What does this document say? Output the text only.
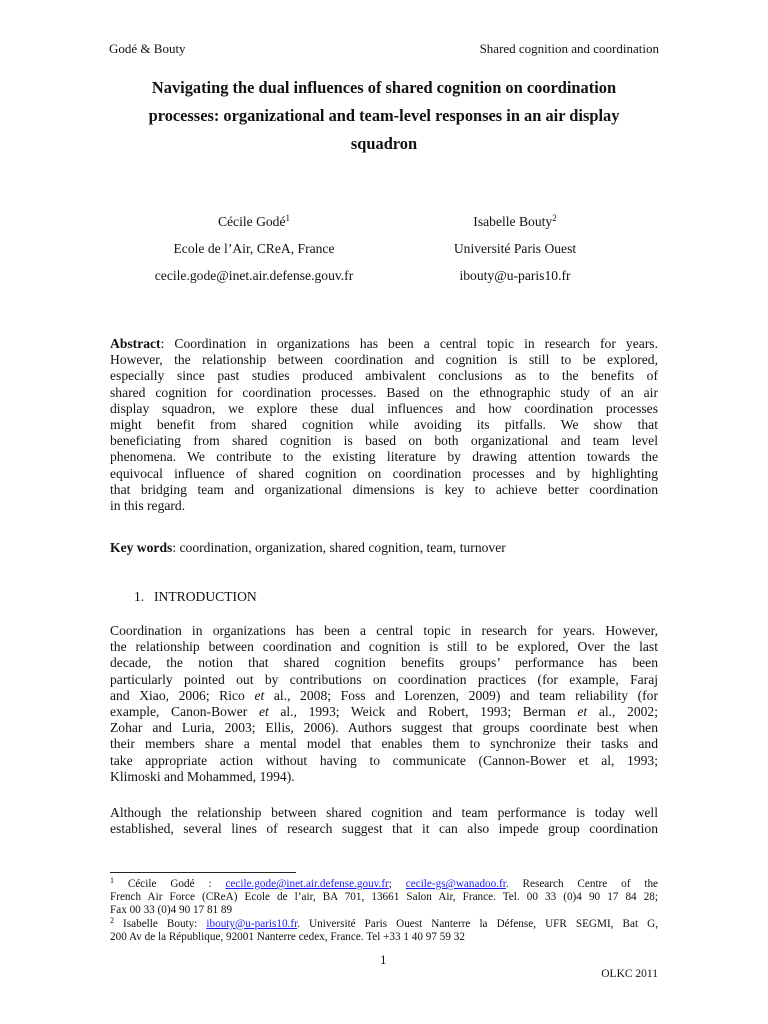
Godé & Bouty	Shared cognition and coordination
Navigating the dual influences of shared cognition on coordination
processes: organizational and team-level responses in an air display
squadron
Cécile Godé$^1$
Ecole de l’Air, CReA, France
cecile.gode@inet.air.defense.gouv.fr
Isabelle Bouty$^2$
Université Paris Ouest
ibouty@u-paris10.fr
Abstract: Coordination in organizations has been a central topic in research for years.
However, the relationship between coordination and cognition is still to be explored,
especially since past studies produced ambivalent conclusions as to the benefits of
shared cognition for coordination processes. Based on the ethnographic study of an air
display squadron, we explore these dual influences and how coordination processes
might benefit from shared cognition while avoiding its pitfalls. We show that
beneficiating from shared cognition is based on both organizational and team level
phenomena. We contribute to the existing literature by drawing attention towards the
equivocal influence of shared cognition on coordination processes and by highlighting
that bridging team and organizational dimensions is key to achieve better coordination
in this regard.
Key words: coordination, organization, shared cognition, team, turnover
1. INTRODUCTION
Coordination in organizations has been a central topic in research for years. However,
the relationship between coordination and cognition is still to be explored, Over the last
decade, the notion that shared cognition benefits groups’ performance has been
particularly pointed out by contributions on coordination practices (for example, Faraj
and Xiao, 2006; Rico et al., 2008; Foss and Lorenzen, 2009) and team reliability (for
example, Canon-Bower et al., 1993; Weick and Robert, 1993; Berman et al., 2002;
Zohar and Luria, 2003; Ellis, 2006). Authors suggest that groups coordinate best when
their members share a mental model that enables them to synchronize their tasks and
take appropriate action without having to communicate (Cannon-Bower et al, 1993;
Klimoski and Mohammed, 1994).
Although the relationship between shared cognition and team performance is today well
established, several lines of research suggest that it can also impede group coordination
$^1$ Cécile Godé : cecile.gode@inet.air.defense.gouv.fr; cecile-gs@wanadoo.fr. Research Centre of the
French Air Force (CReA) Ecole de l’air, BA 701, 13661 Salon Air, France. Tel. 00 33 (0)4 90 17 84 28;
Fax 00 33 (0)4 90 17 81 89
$^2$ Isabelle Bouty: ibouty@u-paris10.fr. Université Paris Ouest Nanterre la Défense, UFR SEGMI, Bat G,
200 Av de la République, 92001 Nanterre cedex, France. Tel +33 1 40 97 59 32
1
OLKC 2011
